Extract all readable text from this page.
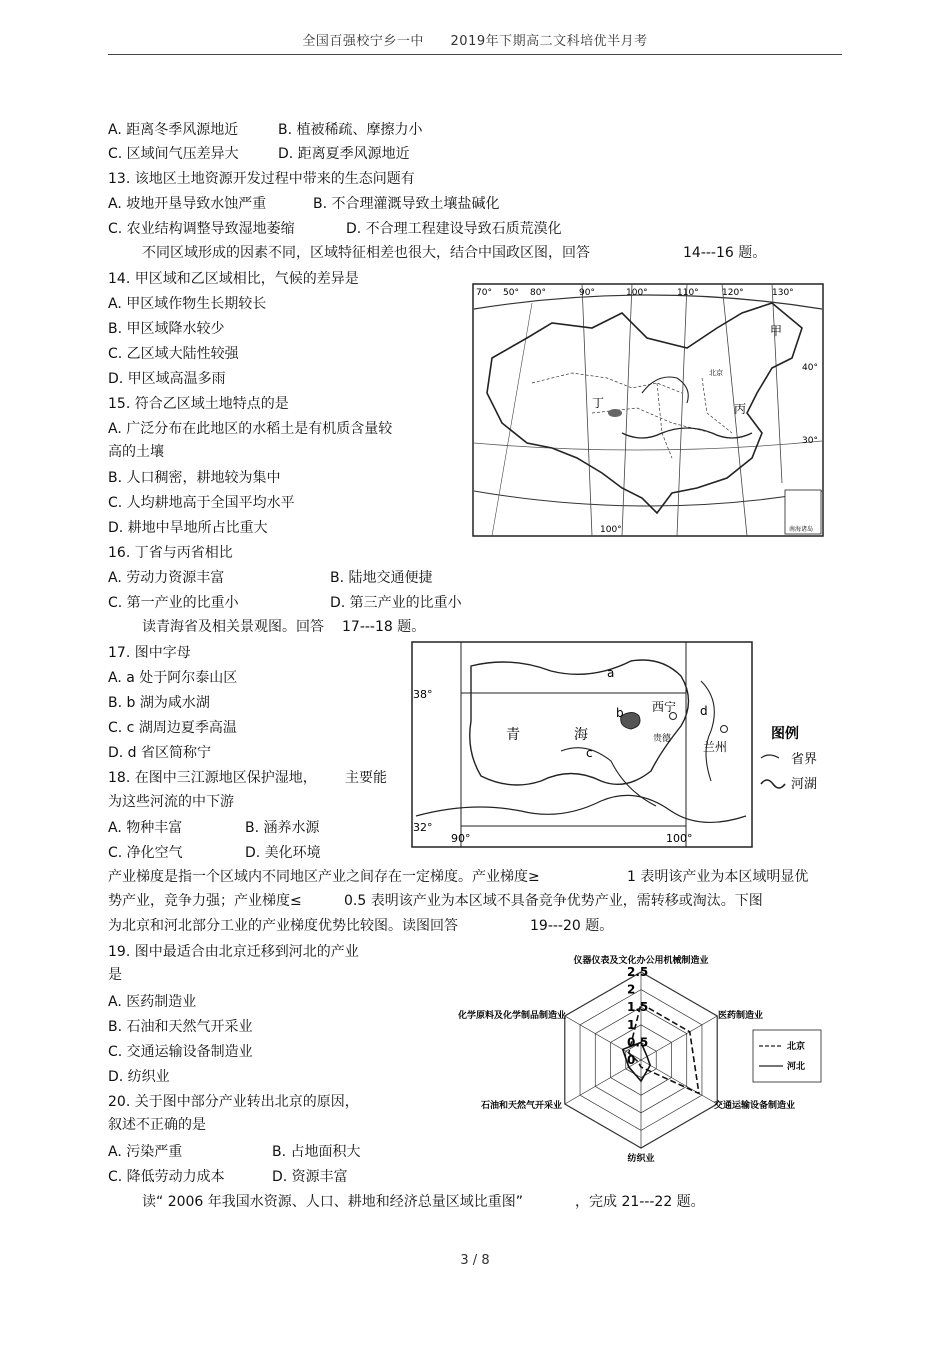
全国百强校宁乡一中 2019年下期高二文科培优半月考
A. 距离冬季风源地近	B. 植被稀疏、摩擦力小
C. 区域间气压差异大	D. 距离夏季风源地近
13. 该地区土地资源开发过程中带来的生态问题有
A. 坡地开垦导致水蚀严重	B. 不合理灌溉导致土壤盐碱化
C. 农业结构调整导致湿地萎缩	D. 不合理工程建设导致石质荒漠化
不同区域形成的因素不同，区域特征相差也很大，结合中国政区图，回答	14---16 题。
14. 甲区域和乙区域相比，气候的差异是
A. 甲区域作物生长期较长
B. 甲区域降水较少
C. 乙区域大陆性较强
D. 甲区域高温多雨
15. 符合乙区域土地特点的是
A. 广泛分布在此地区的水稻土是有机质含量较
高的土壤
B. 人口稠密，耕地较为集中
C. 人均耕地高于全国平均水平
D. 耕地中旱地所占比重大
16. 丁省与丙省相比
A. 劳动力资源丰富	B. 陆地交通便捷
C. 第一产业的比重小	D. 第三产业的比重小
读青海省及相关景观图。回答 17---18 题。
17. 图中字母
A. a 处于阿尔泰山区
B. b 湖为咸水湖
C. c 湖周边夏季高温
D. d 省区简称宁
18. 在图中三江源地区保护湿地， 主要能
为这些河流的中下游
A. 物种丰富	B. 涵养水源
C. 净化空气	D. 美化环境
产业梯度是指一个区域内不同地区产业之间存在一定梯度。产业梯度≥	1 表明该产业为本区域明显优
势产业，竞争力强；产业梯度≤	0.5 表明该产业为本区域不具备竞争优势产业，需转移或淘汰。下图
为北京和河北部分工业的产业梯度优势比较图。读图回答	19---20 题。
19. 图中最适合由北京迁移到河北的产业
是
A. 医药制造业
B. 石油和天然气开采业
C. 交通运输设备制造业
D. 纺织业
20. 关于图中部分产业转出北京的原因，
叙述不正确的是
A. 污染严重	B. 占地面积大
C. 降低劳动力成本	D. 资源丰富
读“ 2006 年我国水资源、人口、耕地和经济总量区域比重图”	，完成 21---22 题。
70° 50° 80°	90°	100°	110°	120°	130°
40°
30°
100°
甲
丁	丙
北京
南海诸岛
38°
32°
90°	100°
a
b
c
d
青	海
西宁
兰州
贵德	图例
省界
河湖
仪器仪表及文化办公用机械制造业
医药制造业
交通运输设备制造业
纺织业
石油和天然气开采业
化学原料及化学制品制造业
0
0.5
1
1.5
2
2.5
北京
河北
3 / 8
